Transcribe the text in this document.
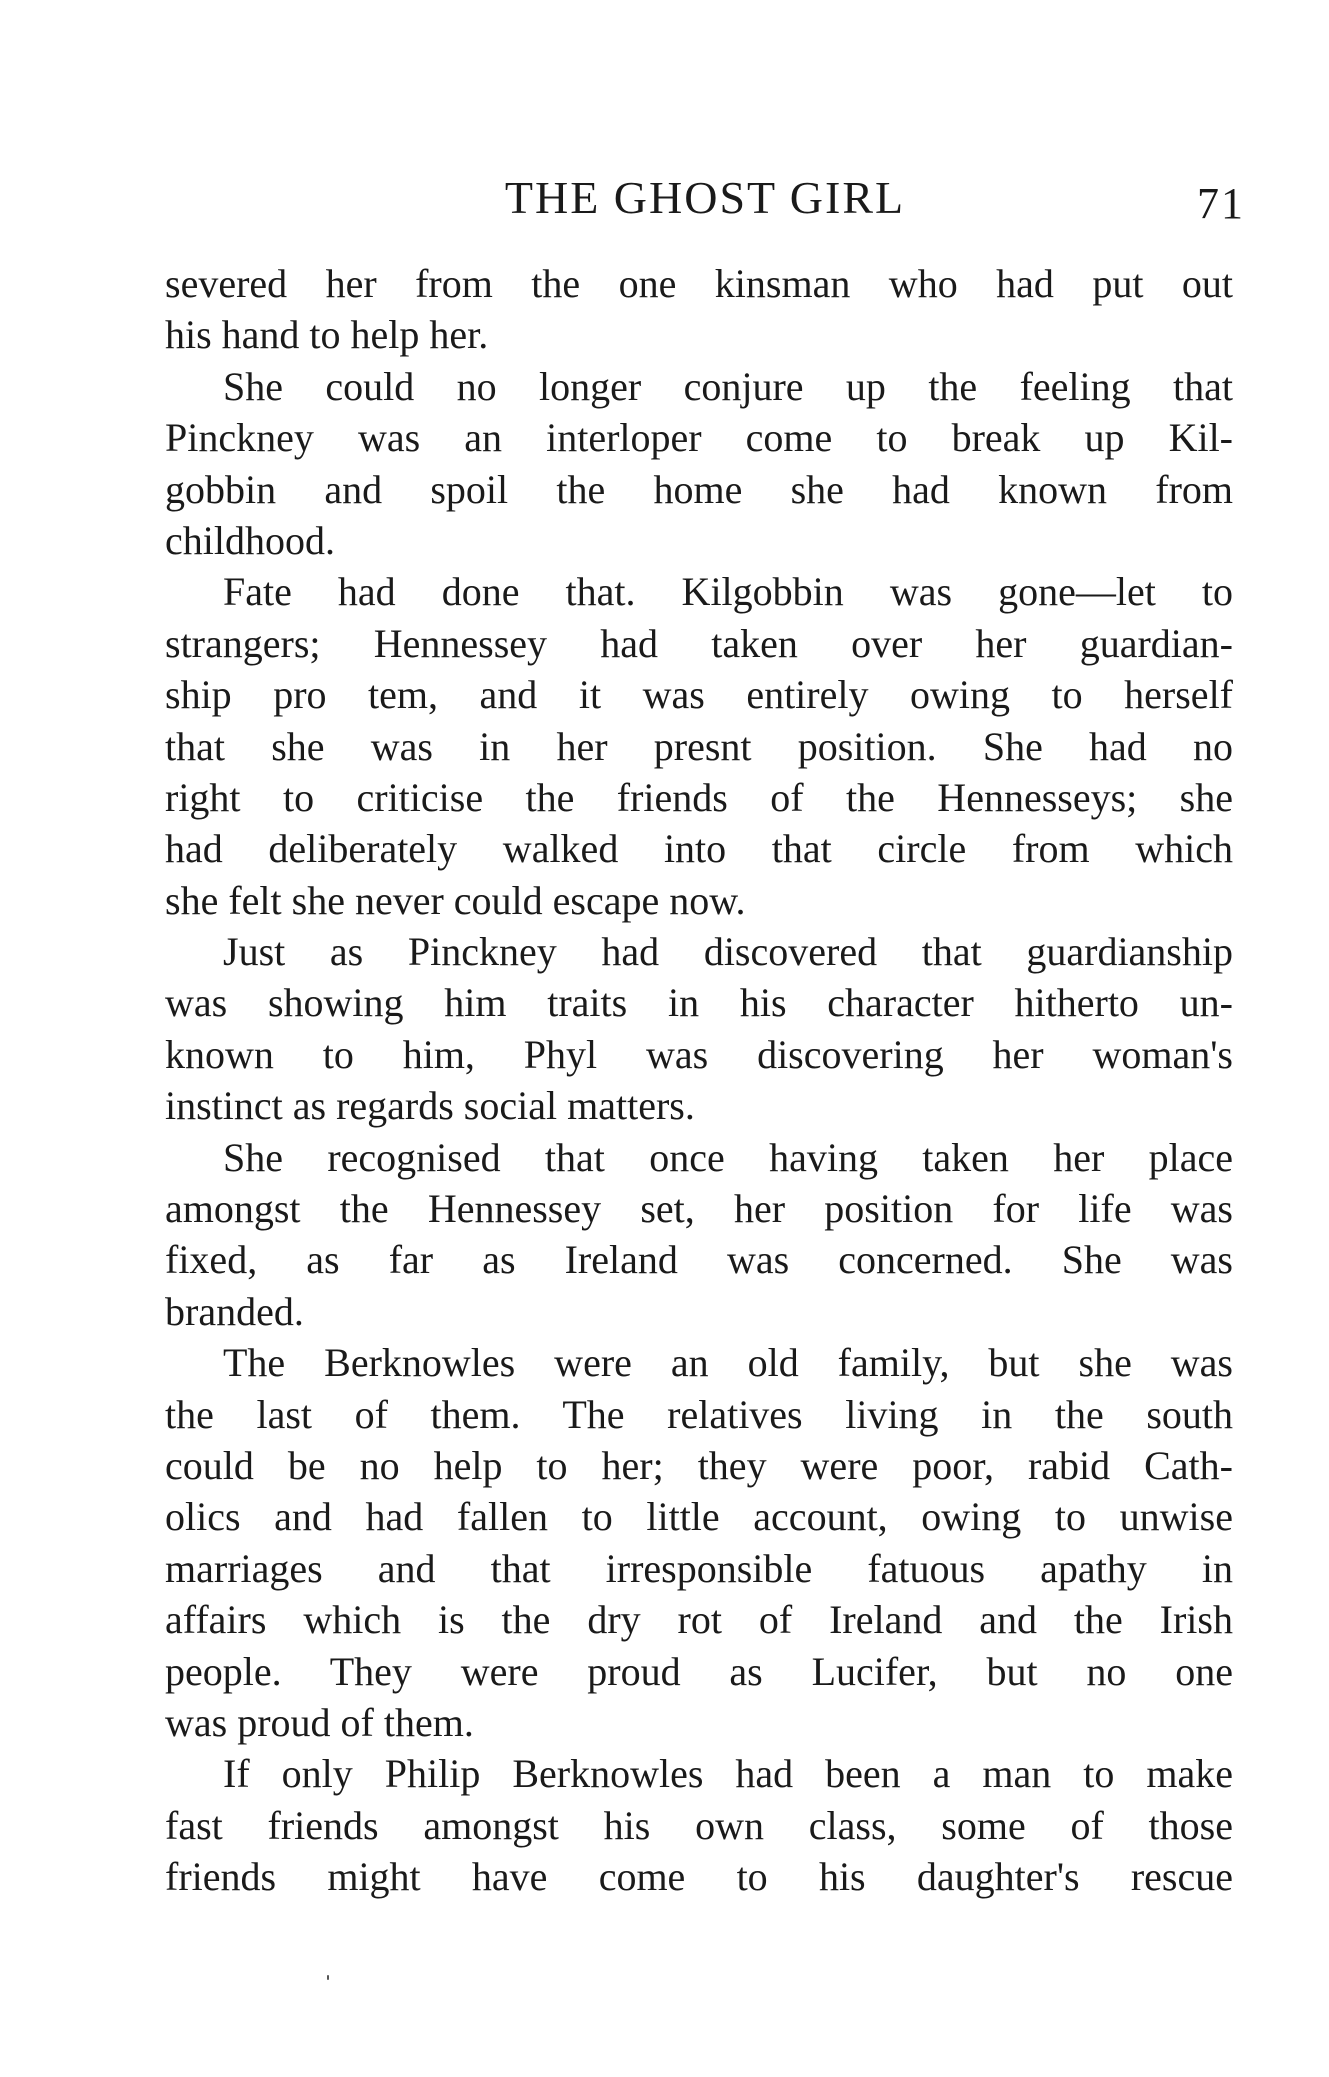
THE GHOST GIRL	71
severed her from the one kinsman who had put out
his hand to help her.
She could no longer conjure up the feeling that
Pinckney was an interloper come to break up Kil-
gobbin and spoil the home she had known from
childhood.
Fate had done that. Kilgobbin was gone—let to
strangers; Hennessey had taken over her guardian-
ship pro tem, and it was entirely owing to herself
that she was in her presnt position. She had no
right to criticise the friends of the Hennesseys; she
had deliberately walked into that circle from which
she felt she never could escape now.
Just as Pinckney had discovered that guardianship
was showing him traits in his character hitherto un-
known to him, Phyl was discovering her woman's
instinct as regards social matters.
She recognised that once having taken her place
amongst the Hennessey set, her position for life was
fixed, as far as Ireland was concerned. She was
branded.
The Berknowles were an old family, but she was
the last of them. The relatives living in the south
could be no help to her; they were poor, rabid Cath-
olics and had fallen to little account, owing to unwise
marriages and that irresponsible fatuous apathy in
affairs which is the dry rot of Ireland and the Irish
people. They were proud as Lucifer, but no one
was proud of them.
If only Philip Berknowles had been a man to make
fast friends amongst his own class, some of those
friends might have come to his daughter's rescue
